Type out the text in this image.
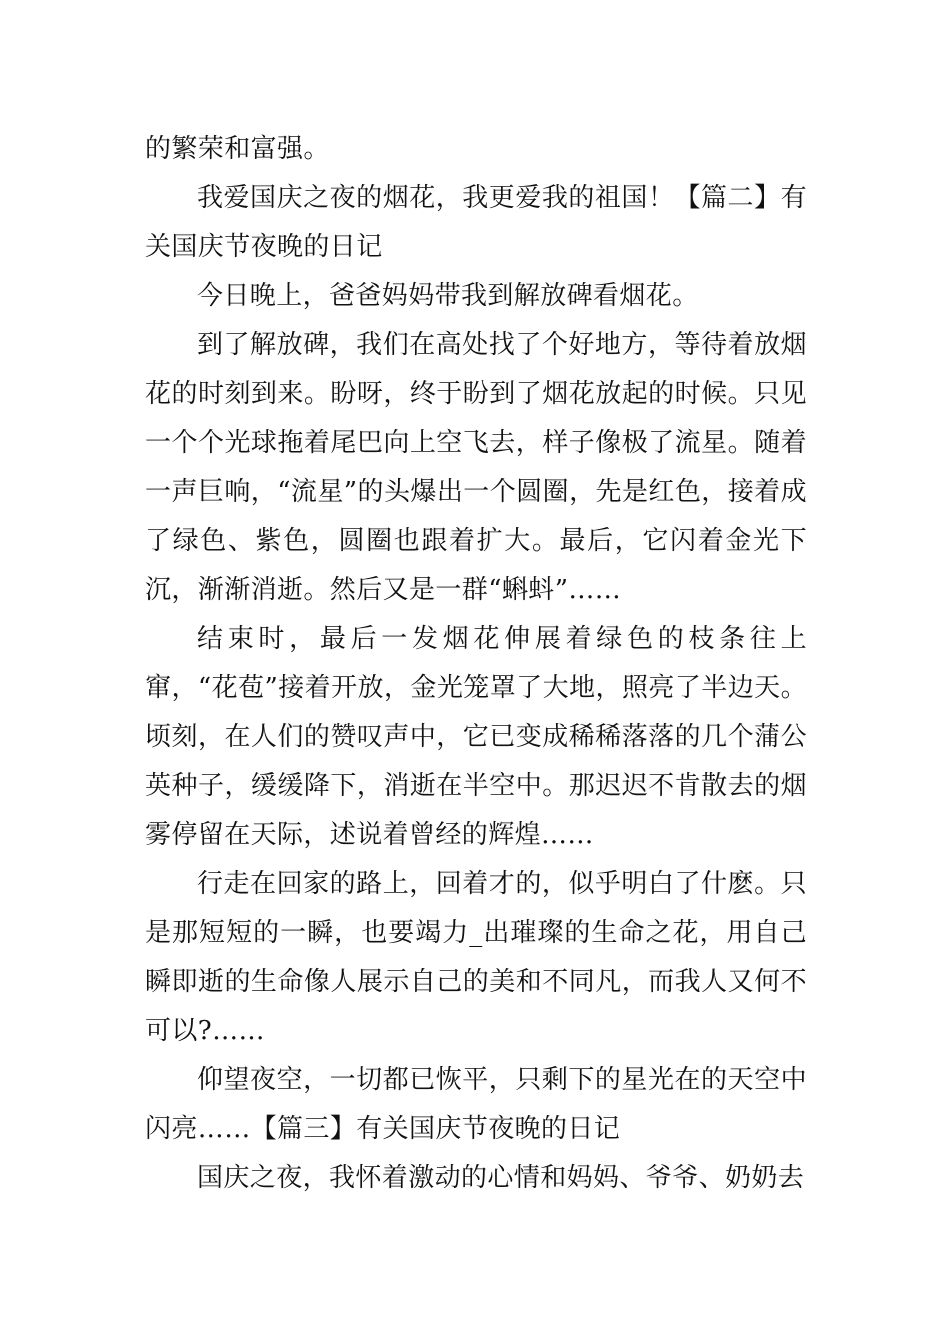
的繁荣和富强。

我爱国庆之夜的烟花，我更爱我的祖国！【篇二】有关国庆节夜晚的日记

今日晚上，爸爸妈妈带我到解放碑看烟花。

到了解放碑，我们在高处找了个好地方，等待着放烟花的时刻到来。盼呀，终于盼到了烟花放起的时候。只见一个个光球拖着尾巴向上空飞去，样子像极了流星。随着一声巨响，“流星”的头爆出一个圆圈，先是红色，接着成了绿色、紫色，圆圈也跟着扩大。最后，它闪着金光下沉，渐渐消逝。然后又是一群“蝌蚪”……

结束时，最后一发烟花伸展着绿色的枝条往上窜，“花苞”接着开放，金光笼罩了大地，照亮了半边天。顷刻，在人们的赞叹声中，它已变成稀稀落落的几个蒲公英种子，缓缓降下，消逝在半空中。那迟迟不肯散去的烟雾停留在天际，述说着曾经的辉煌……

行走在回家的路上，回着才的，似乎明白了什麽。只是那短短的一瞬，也要竭力_出璀璨的生命之花，用自己瞬即逝的生命像人展示自己的美和不同凡，而我人又何不可以?……

仰望夜空，一切都已恢平，只剩下的星光在的天空中闪亮……【篇三】有关国庆节夜晚的日记

国庆之夜，我怀着激动的心情和妈妈、爷爷、奶奶去
